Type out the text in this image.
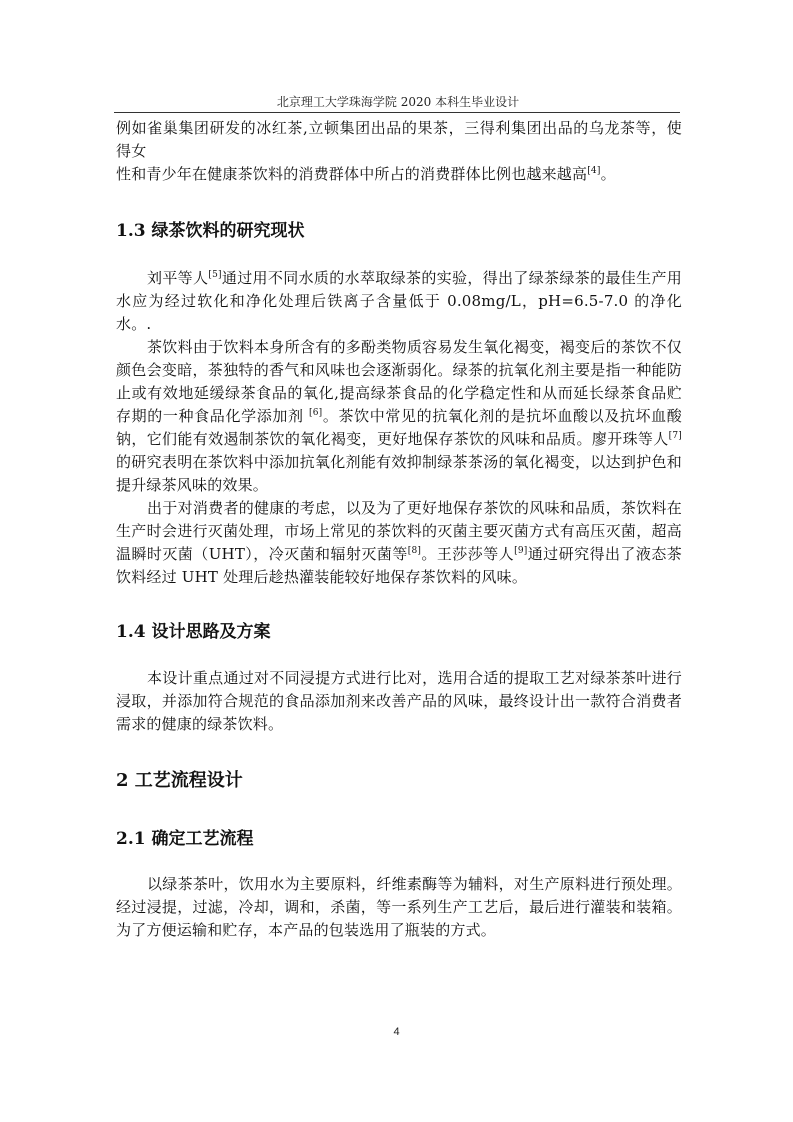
北京理工大学珠海学院 2020 本科生毕业设计

例如雀巢集团研发的冰红茶,立顿集团出品的果茶，三得利集团出品的乌龙茶等，使得女
性和青少年在健康茶饮料的消费群体中所占的消费群体比例也越来越高[4]。

1.3 绿茶饮料的研究现状

刘平等人[5]通过用不同水质的水萃取绿茶的实验，得出了绿茶绿茶的最佳生产用水应为经过软化和净化处理后铁离子含量低于 0.08mg/L，pH=6.5-7.0 的净化水。.

茶饮料由于饮料本身所含有的多酚类物质容易发生氧化褐变，褐变后的茶饮不仅颜色会变暗，茶独特的香气和风味也会逐渐弱化。绿茶的抗氧化剂主要是指一种能防止或有效地延缓绿茶食品的氧化,提高绿茶食品的化学稳定性和从而延长绿茶食品贮存期的一种食品化学添加剂 [6]。茶饮中常见的抗氧化剂的是抗坏血酸以及抗坏血酸钠，它们能有效遏制茶饮的氧化褐变，更好地保存茶饮的风味和品质。廖开珠等人[7]的研究表明在茶饮料中添加抗氧化剂能有效抑制绿茶茶汤的氧化褐变，以达到护色和提升绿茶风味的效果。

出于对消费者的健康的考虑，以及为了更好地保存茶饮的风味和品质，茶饮料在生产时会进行灭菌处理，市场上常见的茶饮料的灭菌主要灭菌方式有高压灭菌，超高温瞬时灭菌（UHT），冷灭菌和辐射灭菌等[8]。王莎莎等人[9]通过研究得出了液态茶饮料经过 UHT 处理后趁热灌装能较好地保存茶饮料的风味。

1.4 设计思路及方案

本设计重点通过对不同浸提方式进行比对，选用合适的提取工艺对绿茶茶叶进行浸取，并添加符合规范的食品添加剂来改善产品的风味，最终设计出一款符合消费者需求的健康的绿茶饮料。

2 工艺流程设计
2.1 确定工艺流程

以绿茶茶叶，饮用水为主要原料，纤维素酶等为辅料，对生产原料进行预处理。经过浸提，过滤，冷却，调和，杀菌，等一系列生产工艺后，最后进行灌装和装箱。为了方便运输和贮存，本产品的包装选用了瓶装的方式。

4
